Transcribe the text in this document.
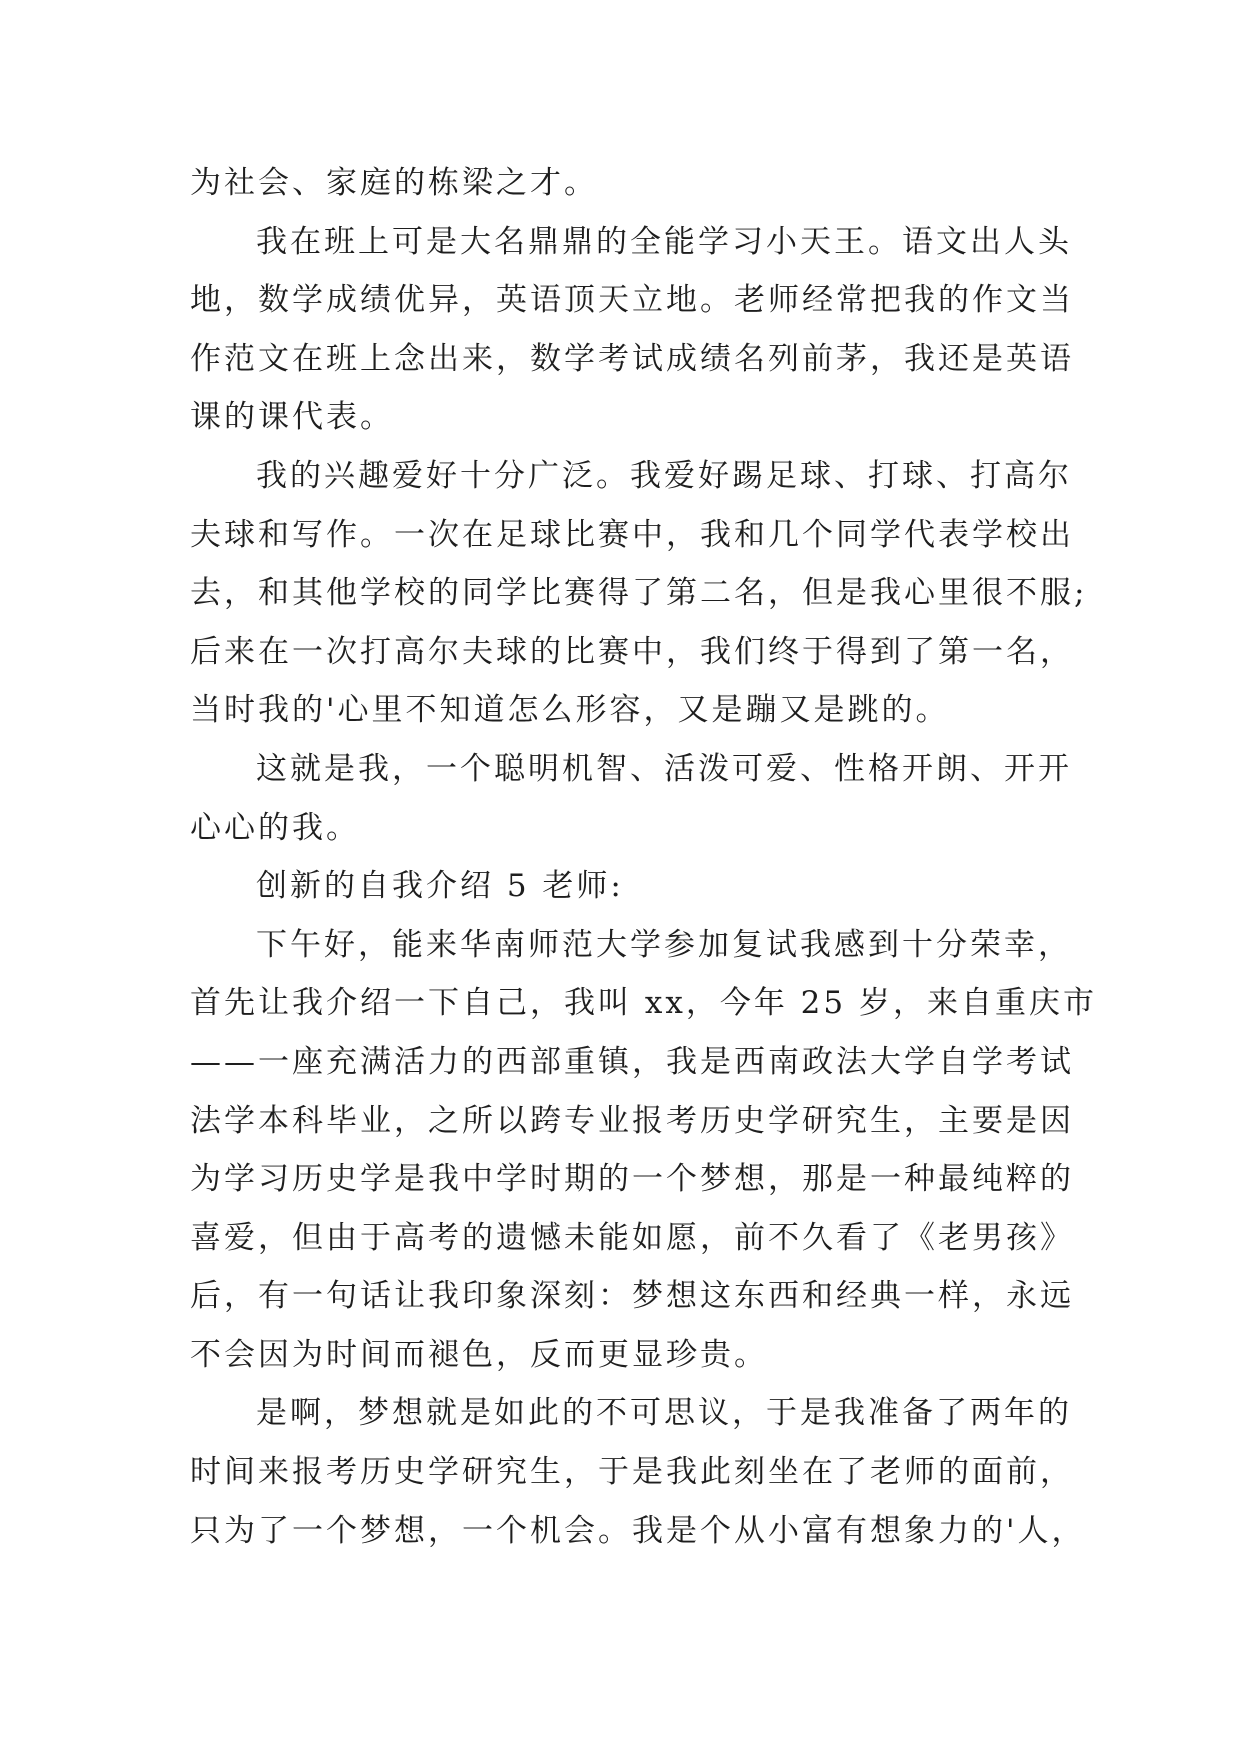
为社会、家庭的栋梁之才。
我在班上可是大名鼎鼎的全能学习小天王。语文出人头
地，数学成绩优异，英语顶天立地。老师经常把我的作文当
作范文在班上念出来，数学考试成绩名列前茅，我还是英语
课的课代表。
我的兴趣爱好十分广泛。我爱好踢足球、打球、打高尔
夫球和写作。一次在足球比赛中，我和几个同学代表学校出
去，和其他学校的同学比赛得了第二名，但是我心里很不服;
后来在一次打高尔夫球的比赛中，我们终于得到了第一名，
当时我的'心里不知道怎么形容，又是蹦又是跳的。
这就是我，一个聪明机智、活泼可爱、性格开朗、开开
心心的我。
创新的自我介绍 5 老师:
下午好，能来华南师范大学参加复试我感到十分荣幸，
首先让我介绍一下自己，我叫 xx，今年 25 岁，来自重庆市
——一座充满活力的西部重镇，我是西南政法大学自学考试
法学本科毕业，之所以跨专业报考历史学研究生，主要是因
为学习历史学是我中学时期的一个梦想，那是一种最纯粹的
喜爱，但由于高考的遗憾未能如愿，前不久看了《老男孩》
后，有一句话让我印象深刻：梦想这东西和经典一样，永远
不会因为时间而褪色，反而更显珍贵。
是啊，梦想就是如此的不可思议，于是我准备了两年的
时间来报考历史学研究生，于是我此刻坐在了老师的面前，
只为了一个梦想，一个机会。我是个从小富有想象力的'人，
